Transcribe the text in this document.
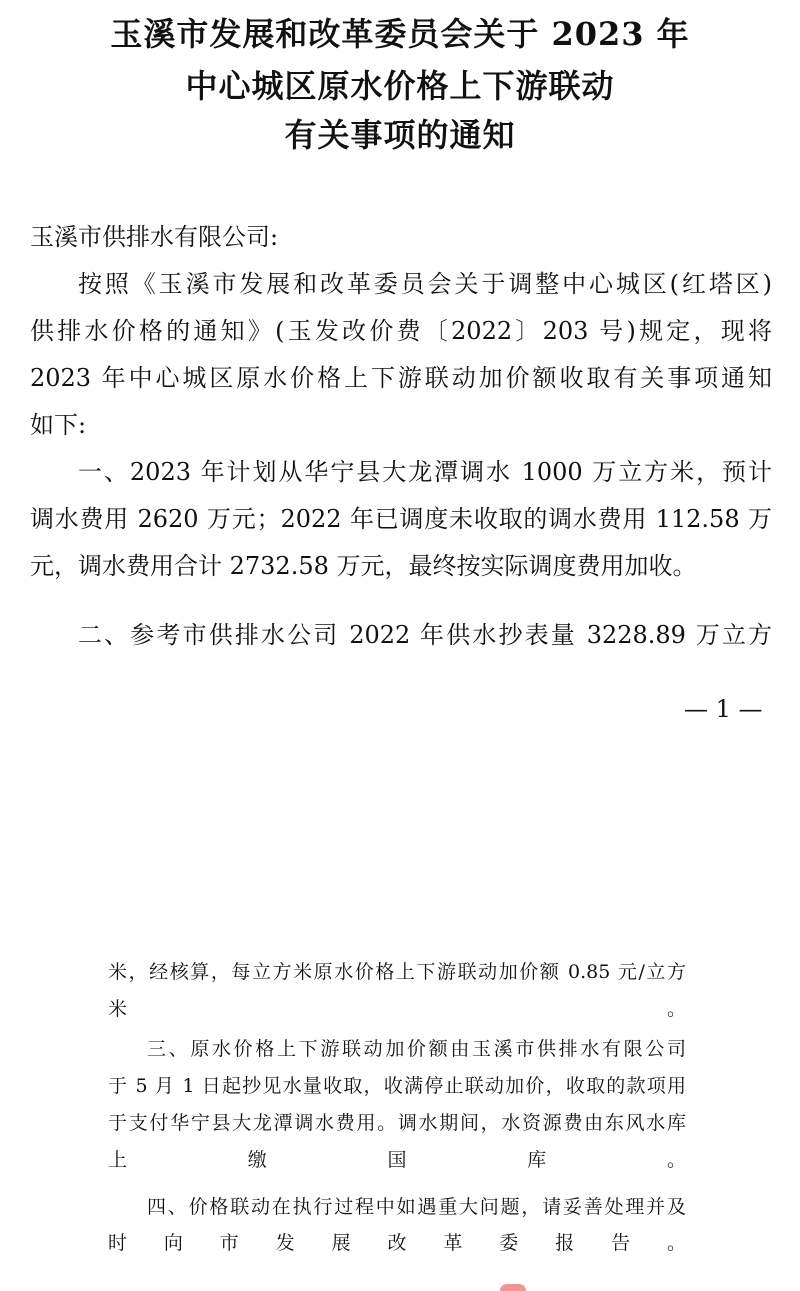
玉溪市发展和改革委员会关于 2023 年
中心城区原水价格上下游联动
有关事项的通知
玉溪市供排水有限公司:
按照《玉溪市发展和改革委员会关于调整中心城区(红塔区)
供排水价格的通知》(玉发改价费〔2022〕203 号)规定，现将
2023 年中心城区原水价格上下游联动加价额收取有关事项通知
如下:
一、2023 年计划从华宁县大龙潭调水 1000 万立方米，预计
调水费用 2620 万元；2022 年已调度未收取的调水费用 112.58 万
元，调水费用合计 2732.58 万元，最终按实际调度费用加收。
二、参考市供排水公司 2022 年供水抄表量 3228.89 万立方
— 1 —
米，经核算，每立方米原水价格上下游联动加价额 0.85 元/立方
米。
三、原水价格上下游联动加价额由玉溪市供排水有限公司
于 5 月 1 日起抄见水量收取，收满停止联动加价，收取的款项用
于支付华宁县大龙潭调水费用。调水期间，水资源费由东风水库
上缴国库。
四、价格联动在执行过程中如遇重大问题，请妥善处理并及
时向市发展改革委报告。
